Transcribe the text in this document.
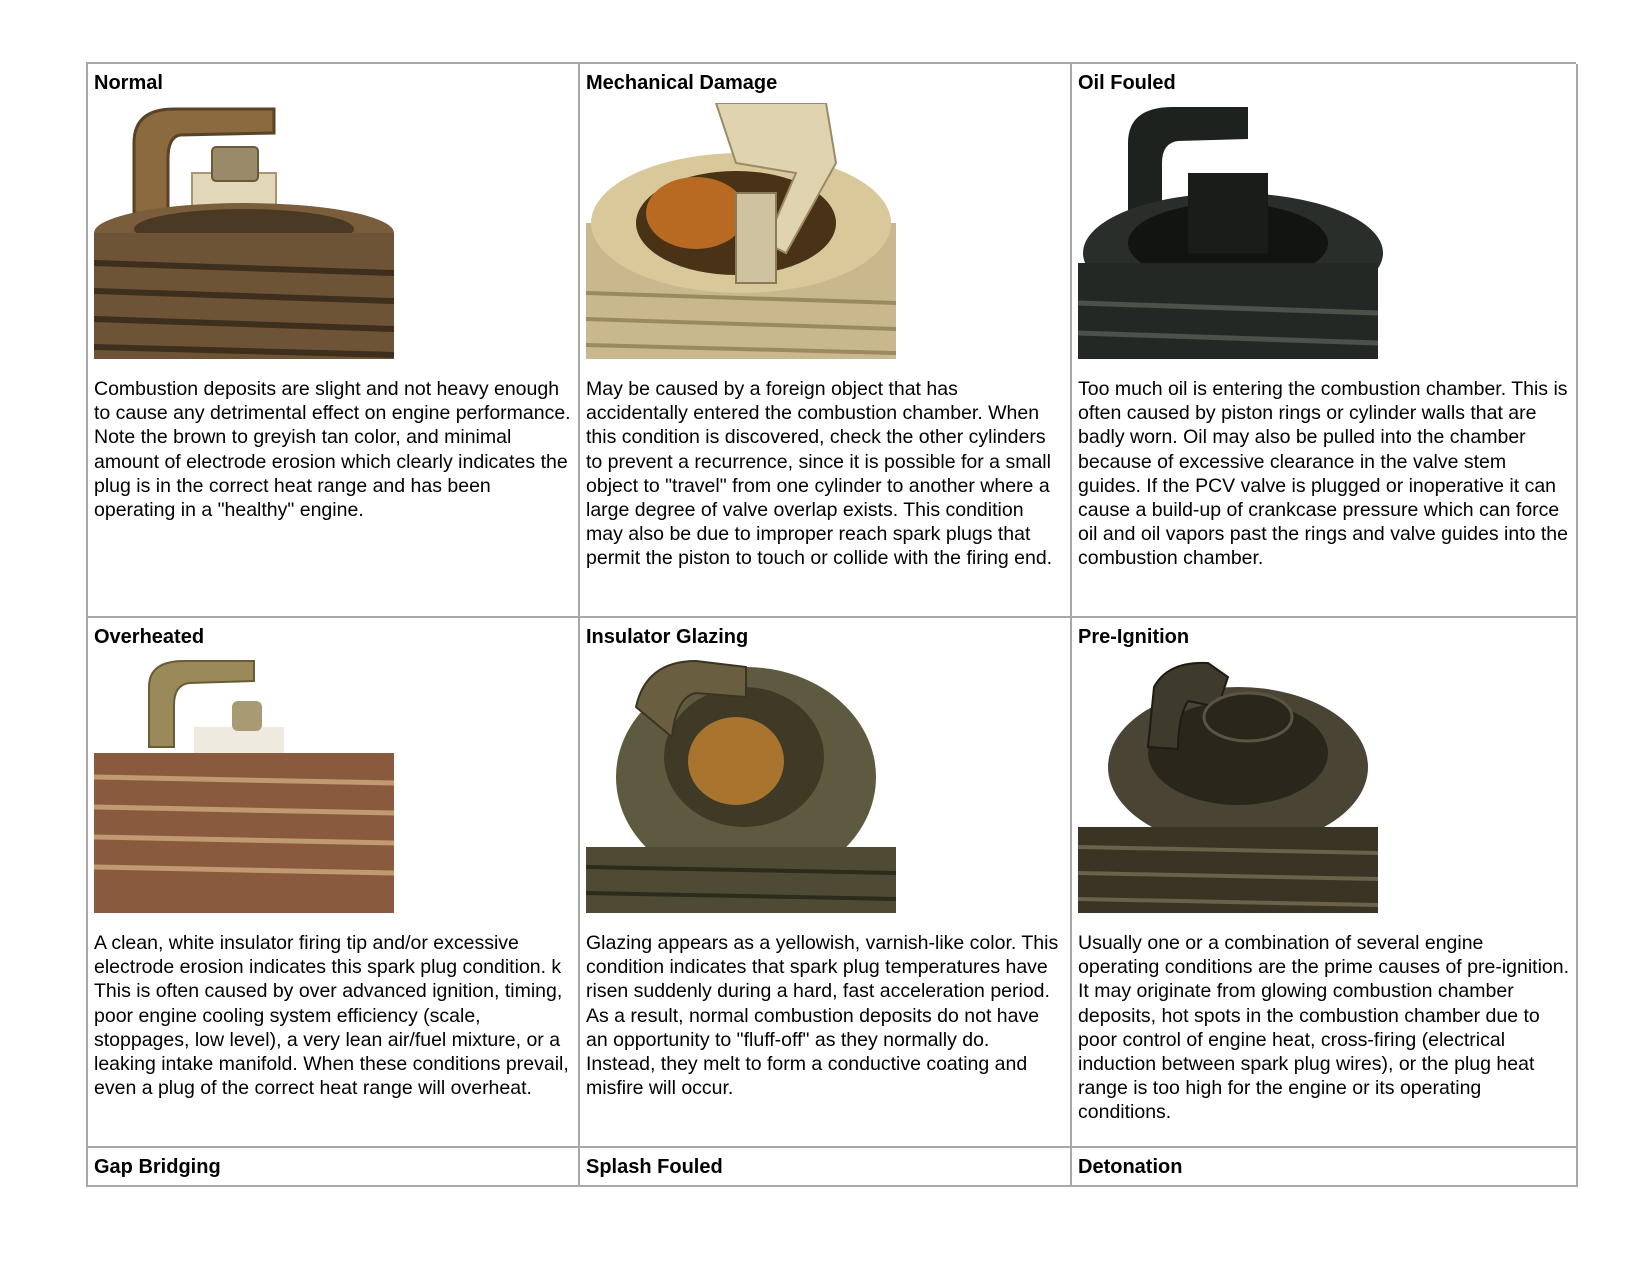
Normal
Combustion deposits are slight and not heavy enough to cause any detrimental effect on engine performance. Note the brown to greyish tan color, and minimal amount of electrode erosion which clearly indicates the plug is in the correct heat range and has been operating in a "healthy" engine.
Mechanical Damage
May be caused by a foreign object that has accidentally entered the combustion chamber. When this condition is discovered, check the other cylinders to prevent a recurrence, since it is possible for a small object to "travel" from one cylinder to another where a large degree of valve overlap exists. This condition may also be due to improper reach spark plugs that permit the piston to touch or collide with the firing end.
Oil Fouled
Too much oil is entering the combustion chamber. This is often caused by piston rings or cylinder walls that are badly worn. Oil may also be pulled into the chamber because of excessive clearance in the valve stem guides. If the PCV valve is plugged or inoperative it can cause a build-up of crankcase pressure which can force oil and oil vapors past the rings and valve guides into the combustion chamber.
Overheated
A clean, white insulator firing tip and/or excessive electrode erosion indicates this spark plug condition. k This is often caused by over advanced ignition, timing, poor engine cooling system efficiency (scale, stoppages, low level), a very lean air/fuel mixture, or a leaking intake manifold. When these conditions prevail, even a plug of the correct heat range will overheat.
Insulator Glazing
Glazing appears as a yellowish, varnish-like color. This condition indicates that spark plug temperatures have risen suddenly during a hard, fast acceleration period. As a result, normal combustion deposits do not have an opportunity to "fluff-off" as they normally do. Instead, they melt to form a conductive coating and misfire will occur.
Pre-Ignition
Usually one or a combination of several engine operating conditions are the prime causes of pre-ignition. It may originate from glowing combustion chamber deposits, hot spots in the combustion chamber due to poor control of engine heat, cross-firing (electrical induction between spark plug wires), or the plug heat range is too high for the engine or its operating conditions.
Gap Bridging	Splash Fouled	Detonation
